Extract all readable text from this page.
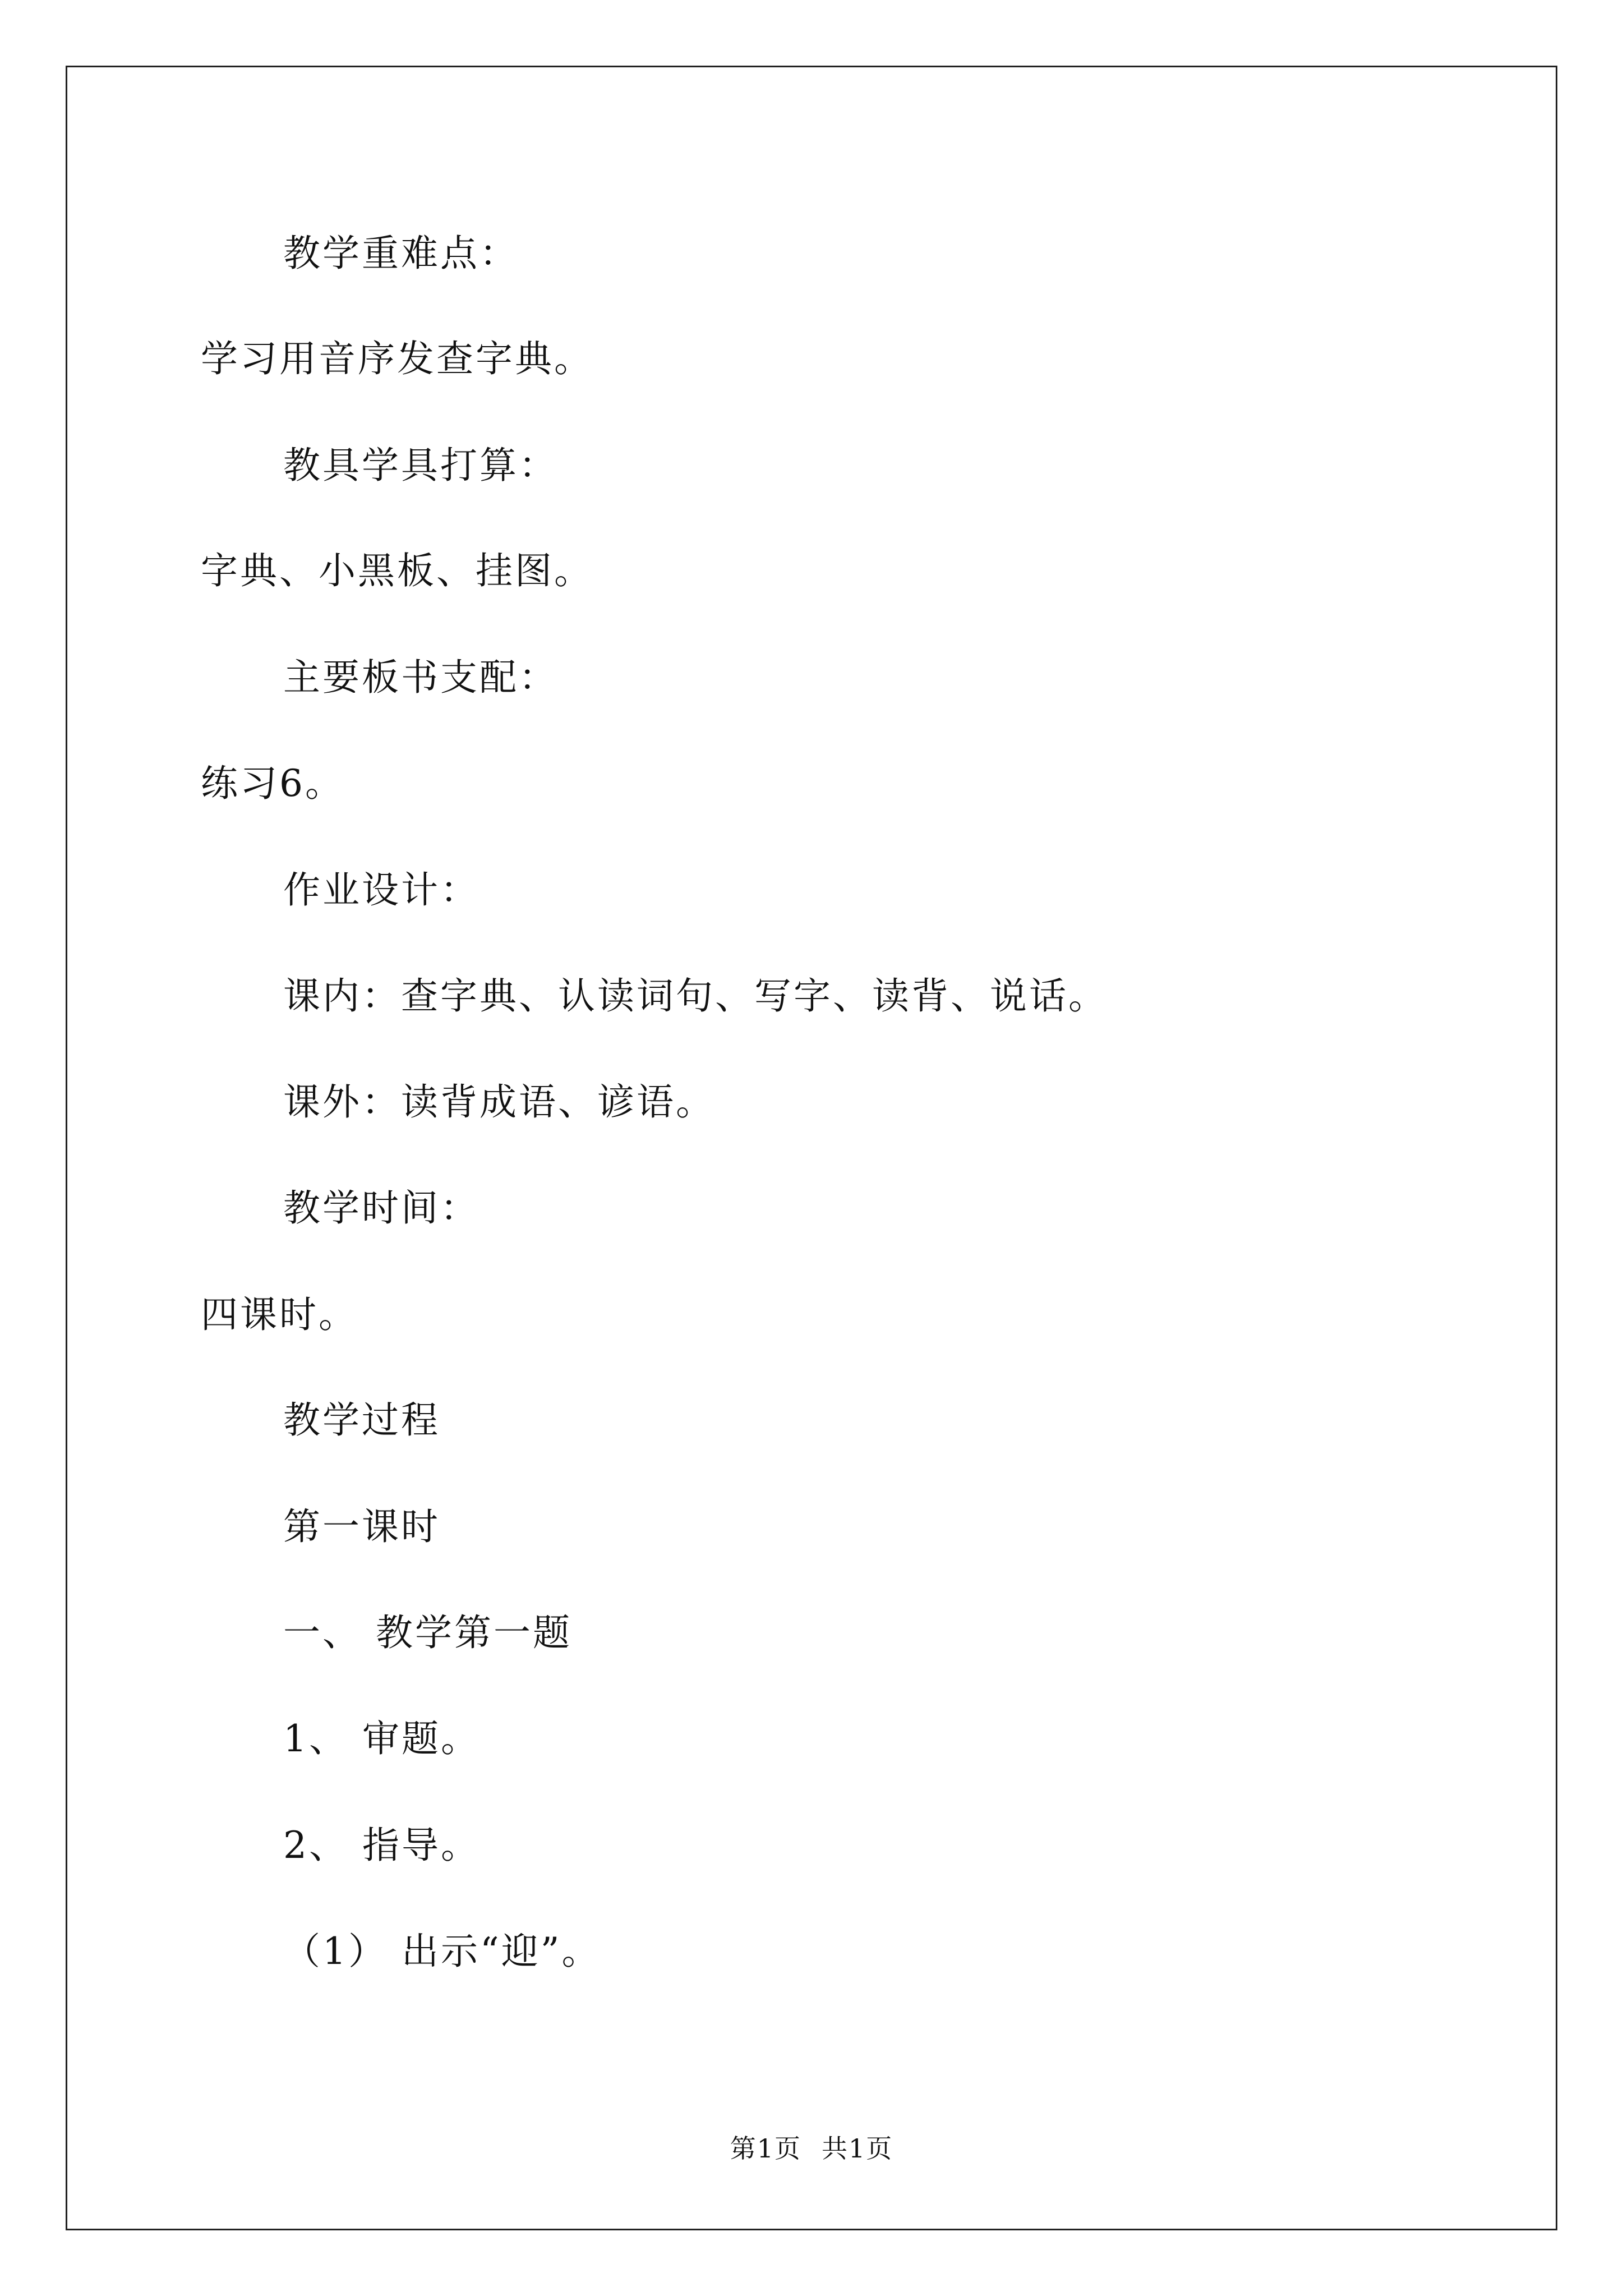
教学重难点：
学习用音序发查字典。
教具学具打算：
字典、小黑板、挂图。
主要板书支配：
练习6。
作业设计：
课内：查字典、认读词句、写字、读背、说话。
课外：读背成语、谚语。
教学时间：
四课时。
教学过程
第一课时
一、 教学第一题
1、 审题。
2、 指导。
（1） 出示“迎”。
第1页 共1页
